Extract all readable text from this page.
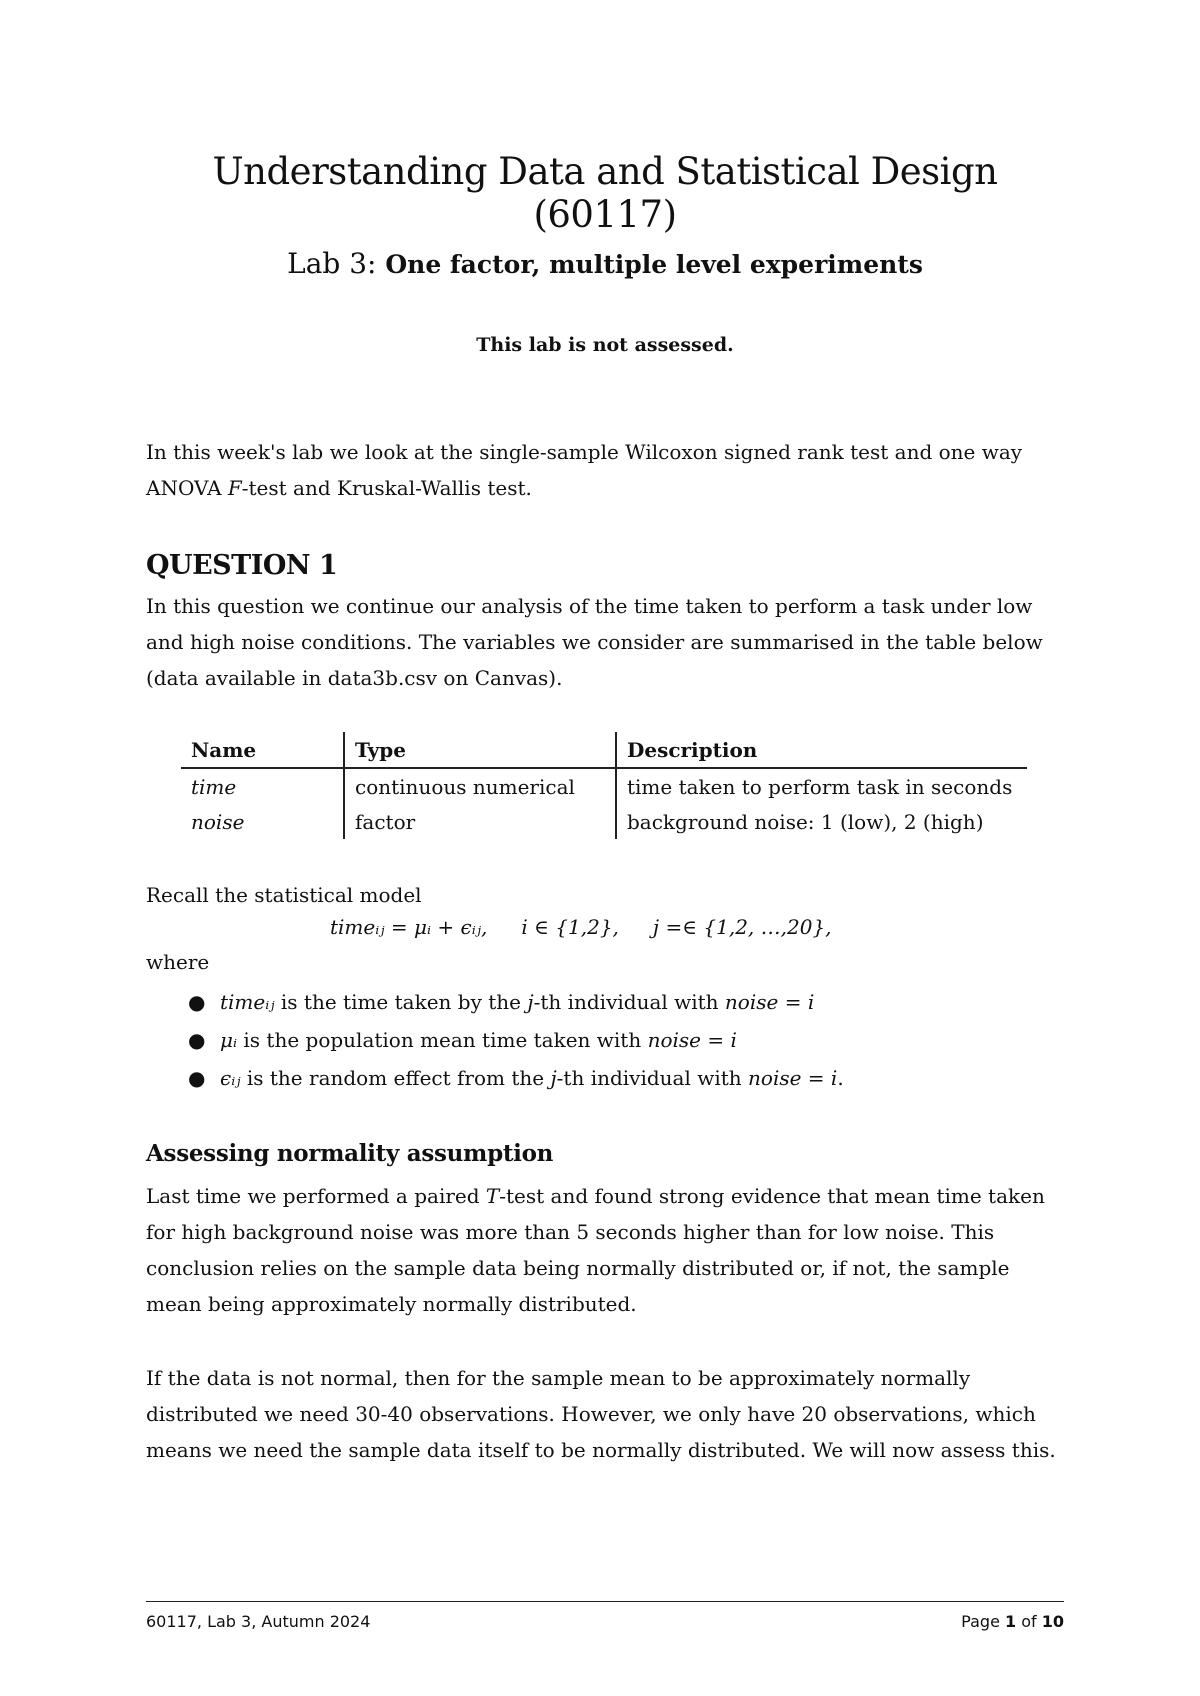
Understanding Data and Statistical Design (60117)
Lab 3: One factor, multiple level experiments
This lab is not assessed.

In this week's lab we look at the single-sample Wilcoxon signed rank test and one way ANOVA F-test and Kruskal-Wallis test.

QUESTION 1

In this question we continue our analysis of the time taken to perform a task under low and high noise conditions. The variables we consider are summarised in the table below (data available in data3b.csv on Canvas).

Name	Type	Description
time	continuous numerical	time taken to perform task in seconds
noise	factor	background noise: 1 (low), 2 (high)

Recall the statistical model

timeᵢⱼ = μᵢ + ϵᵢⱼ, i ∈ {1,2}, j =∈ {1,2, …,20},
where
● timeᵢⱼ is the time taken by the j-th individual with noise = i
● μᵢ is the population mean time taken with noise = i
● ϵᵢⱼ is the random effect from the j-th individual with noise = i.
Assessing normality assumption

Last time we performed a paired T-test and found strong evidence that mean time taken for high background noise was more than 5 seconds higher than for low noise. This conclusion relies on the sample data being normally distributed or, if not, the sample mean being approximately normally distributed.

If the data is not normal, then for the sample mean to be approximately normally distributed we need 30-40 observations. However, we only have 20 observations, which means we need the sample data itself to be normally distributed. We will now assess this.

60117, Lab 3, Autumn 2024	Page 1 of 10
